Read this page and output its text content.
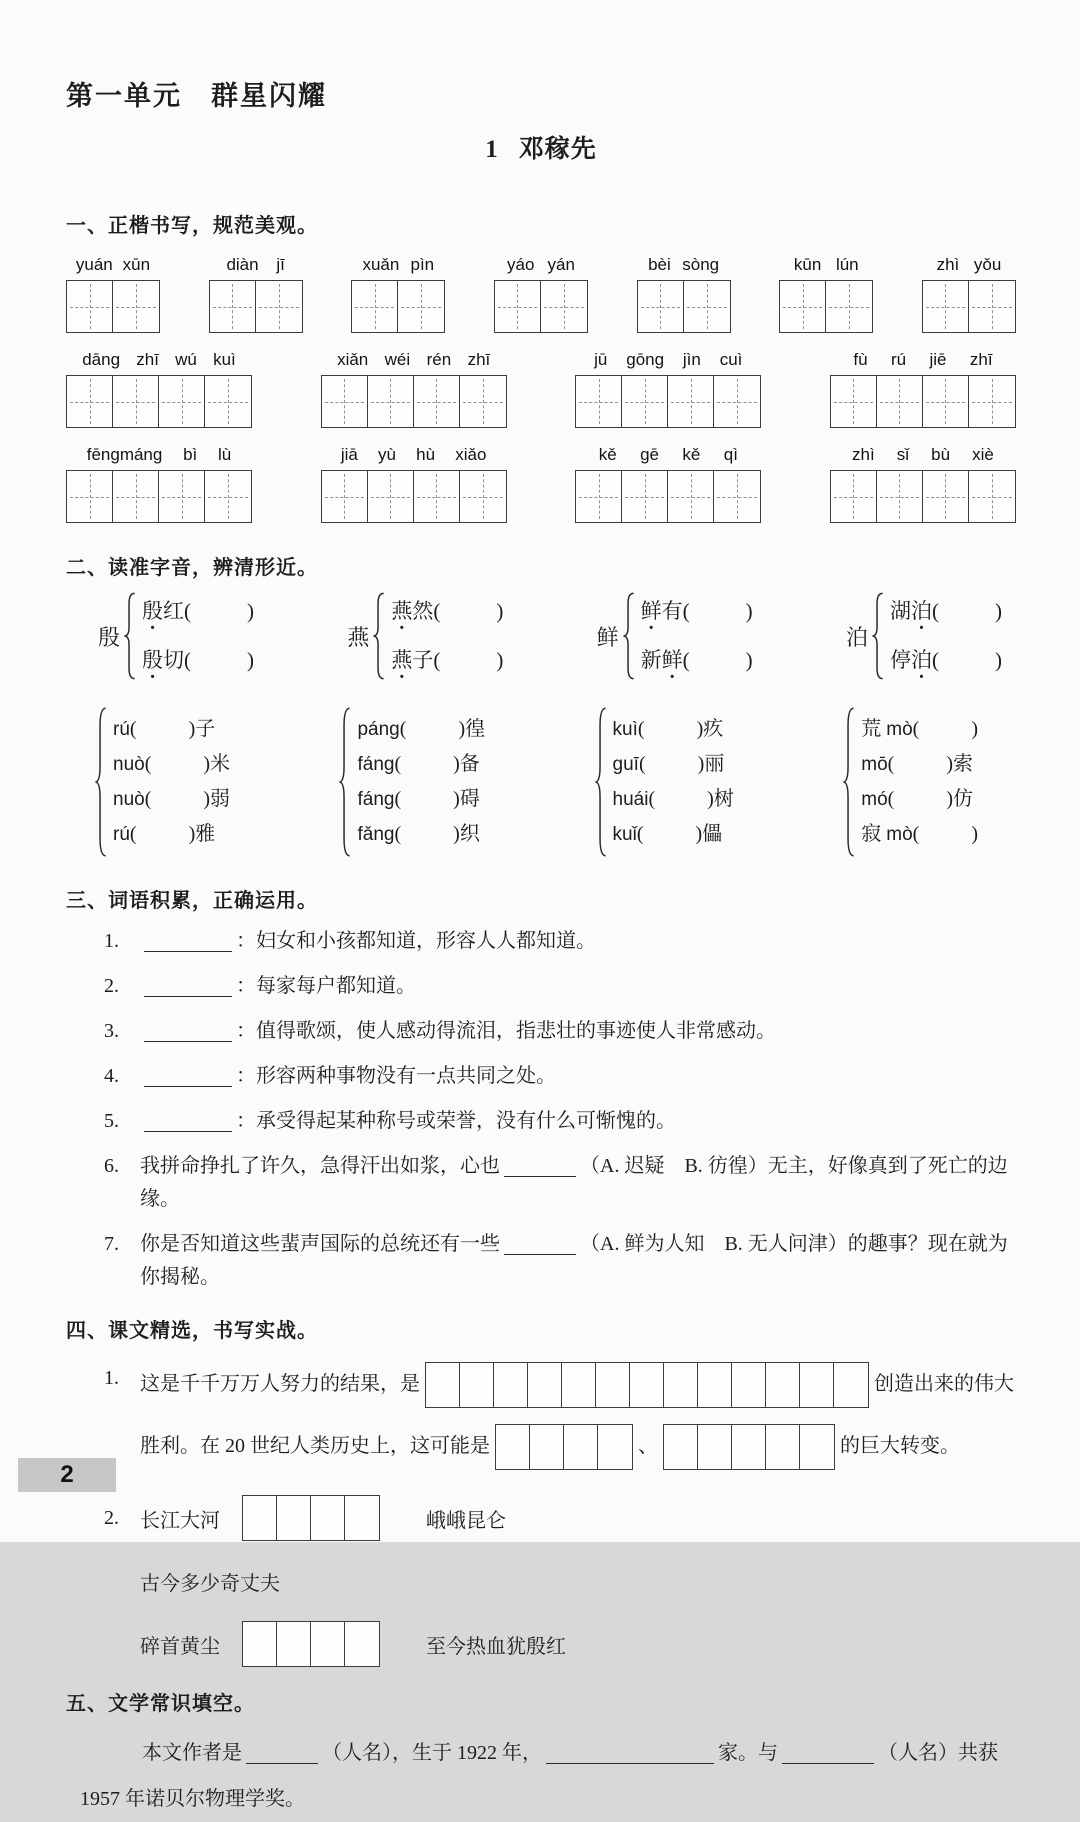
第一单元　群星闪耀
1 邓稼先
一、正楷书写，规范美观。
yuán xūn	diàn jī	xuǎn pìn	yáo yán	bèi sòng	kūn lún	zhì yǒu
dāng zhī wú kuì	xiǎn wéi rén zhī	jū gōng jìn cuì	fù rú jiē zhī
fēngmáng bì lù	jiā yù hù xiǎo	kě gē kě qì	zhì sǐ bù xiè
二、读准字音，辨清形近。
殷
殷红(	)
殷切(	)
燕
燕然(	)
燕子(	)
鲜
鲜有(	)
新鲜(	)
泊
湖泊(	)
停泊(	)
rú(	)子
nuò(	)米
nuò(	)弱
rú(	)雅
páng(	)徨
fáng(	)备
fáng(	)碍
fǎng(	)织
kuì(	)疚
guī(	)丽
huái(	)树
kuǐ(	)儡
荒 mò(	)
mō(	)索
mó(	)仿
寂 mò(	)
三、词语积累，正确运用。
1.	：妇女和小孩都知道，形容人人都知道。
2.	：每家每户都知道。
3.	：值得歌颂，使人感动得流泪，指悲壮的事迹使人非常感动。
4.	：形容两种事物没有一点共同之处。
5.	：承受得起某种称号或荣誉，没有什么可惭愧的。
6.	我拼命挣扎了许久，急得汗出如浆，心也	（A. 迟疑　B. 彷徨）无主，好像真到了死亡的边缘。
7.	你是否知道这些蜚声国际的总统还有一些	（A. 鲜为人知　B. 无人问津）的趣事？现在就为你揭秘。
四、课文精选，书写实战。
1.	这是千千万万人努力的结果，是	创造出来的伟大胜利。在 20 世纪人类历史上，这可能是	、	的巨大转变。
2.	长江大河	峨峨昆仑
古今多少奇丈夫
碎首黄尘	至今热血犹殷红
五、文学常识填空。
本文作者是	（人名），生于 1922 年，	家。与	（人名）共获 1957 年诺贝尔物理学奖。
2
